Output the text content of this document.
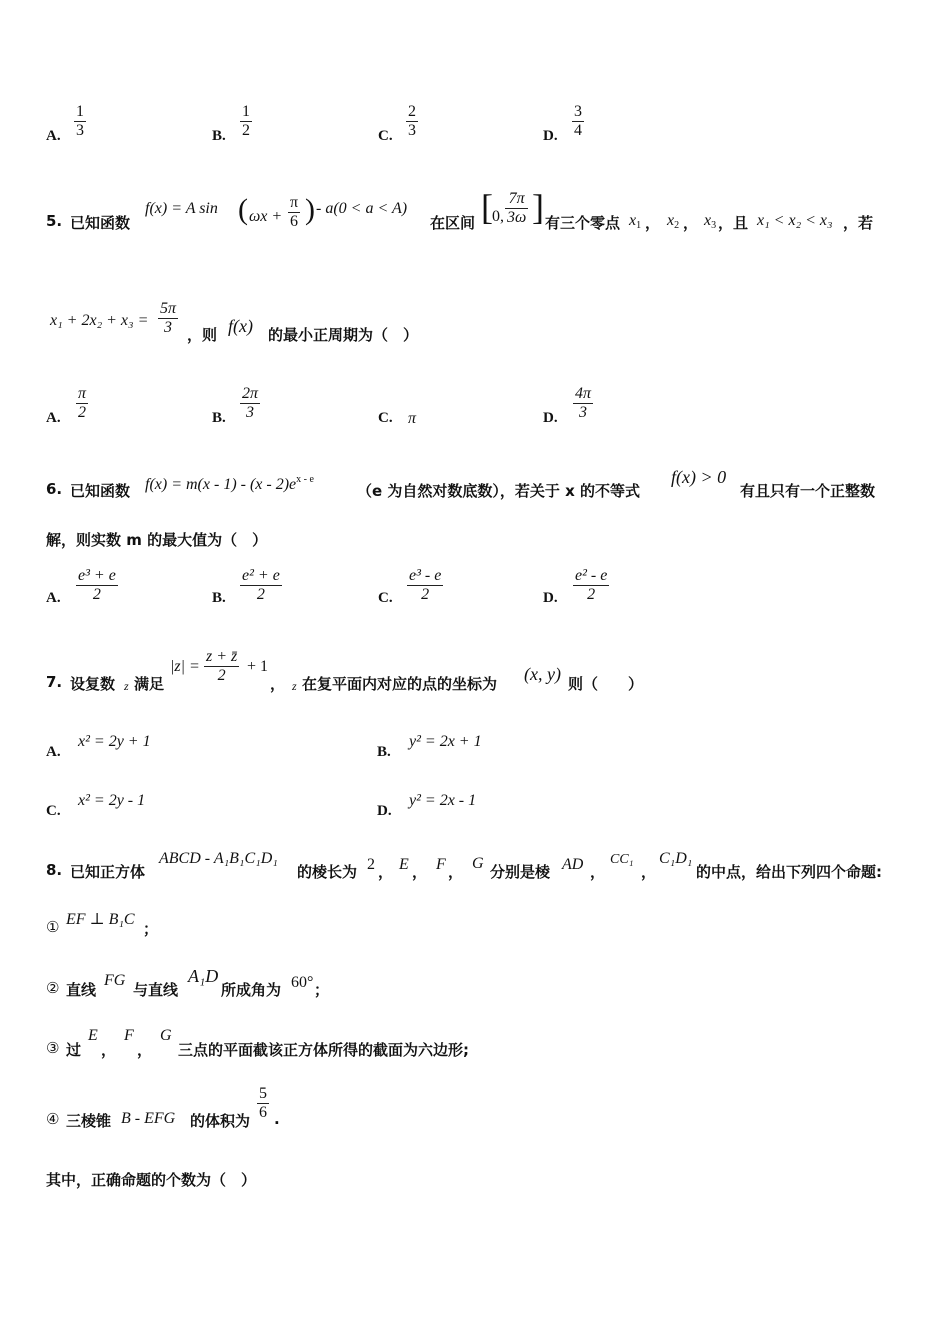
A. $\frac{1}{3}$	B. $\frac{1}{2}$	C. $\frac{2}{3}$	D. $\frac{3}{4}$
5. 已知函数
f(x) = A sin ( $\omega x + \frac{\pi}{6}$ ) - a(0 < a < A)
在区间 [ 0, $\frac{7\pi}{3\omega}$ ] 有三个零点 $x_1$ ， $x_2$ ， $x_3$ ，且 x₁ < x₂ < x₃ ，若
$x_1 + 2x_2 + x_3 = \frac{5\pi}{3}$ ，则 f(x) 的最小正周期为（　）
A. $\frac{\pi}{2}$	B. $\frac{2\pi}{3}$	C. π	D. $\frac{4\pi}{3}$
6. 已知函数 $f(x) = m(x - 1) - (x - 2)e^{x - e}$
（e 为自然对数底数），若关于 x 的不等式
f(x) > 0
有且只有一个正整数
解，则实数 m 的最大值为（　）
A. $\frac{\text{e³ + e}}{2}$	B. $\frac{\text{e² + e}}{2}$	C. $\frac{\text{e³ - e}}{2}$	D. $\frac{\text{e² - e}}{2}$
7. 设复数 z 满足
$|z| = \frac{z + z̄}{2} + 1$
， z 在复平面内对应的点的坐标为 (x, y) 则（　　）
A.
x² = 2y + 1
B.
y² = 2x + 1
C.
x² = 2y - 1
D.
y² = 2x - 1
8. 已知正方体
ABCD - A₁B₁C₁D₁
的棱长为 2 ， E ， F ， G 分别是棱 AD ，
CC₁
，
C₁D₁
的中点，给出下列四个命题:
① EF ⊥ B₁C
；
② 直线
FG
与直线
A₁D
所成角为 60° ；
③ 过
E
，
F
，
G
三点的平面截该正方体所得的截面为六边形;
④ 三棱锥 B - EFG 的体积为 $\frac{5}{6}$ .
其中，正确命题的个数为（　）
